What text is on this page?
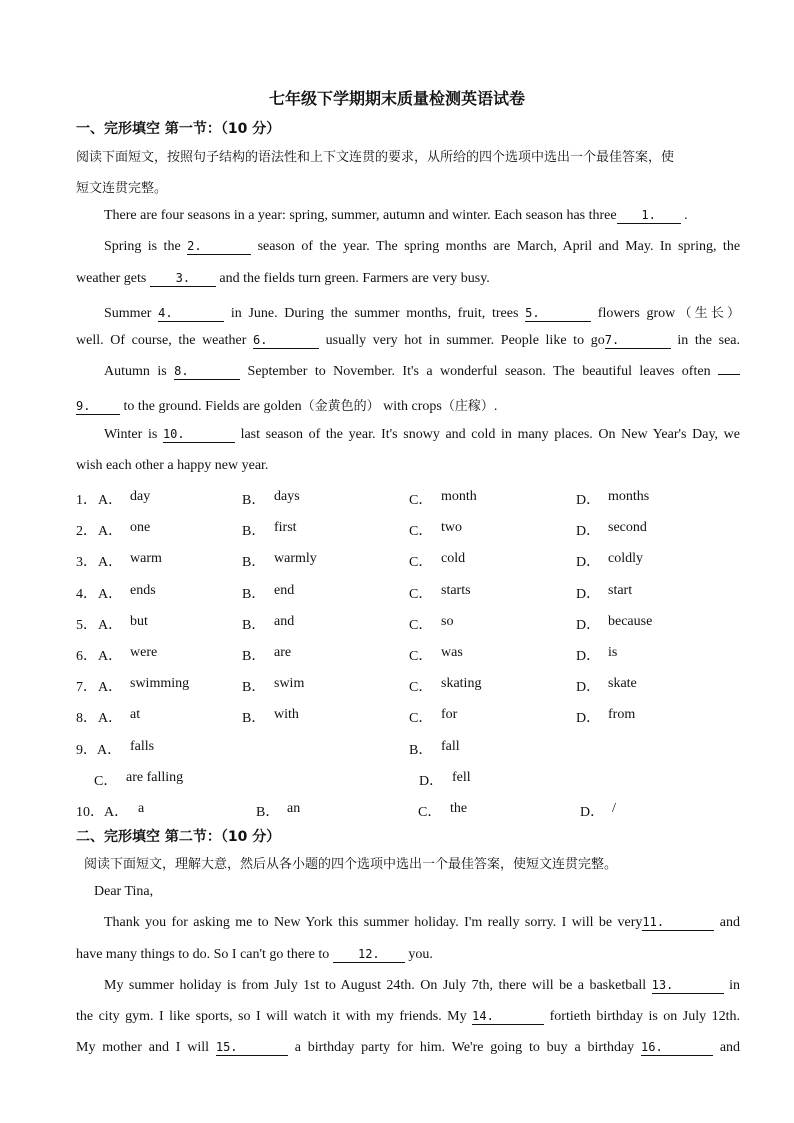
七年级下学期期末质量检测英语试卷
一、完形填空 第一节：（10 分）
阅读下面短文，按照句子结构的语法性和上下文连贯的要求，从所给的四个选项中选出一个最佳答案，使
短文连贯完整。
There are four seasons in a year: spring, summer, autumn and winter. Each season has three 1. .
Spring is the 2.	season of the year. The spring months are March, April and May. In spring, the
weather gets 3. and the fields turn green. Farmers are very busy.
Summer 4.	in June. During the summer months, fruit, trees 5.	flowers grow（生长）
well. Of course, the weather 6.	usually very hot in summer. People like to go7.	in the sea.
Autumn is 8.	September to November. It's a wonderful season. The beautiful leaves often
9. to the ground. Fields are golden（金黄色的） with crops（庄稼）.
Winter is 10.	last season of the year. It's snowy and cold in many places. On New Year's Day, we
wish each other a happy new year.
1． A． day	B． days	C． month	D． months
2． A． one	B． first	C． two	D． second
3． A． warm	B． warmly	C． cold	D． coldly
4． A． ends	B． end	C． starts	D． start
5． A． but	B． and	C． so	D． because
6． A． were	B． are	C． was	D． is
7． A． swimming	B． swim	C． skating	D． skate
8． A． at	B． with	C． for	D． from
9．A． falls	B． fall
C． are falling	D． fell
10．A． a	B． an	C． the	D． /
二、完形填空 第二节：（10 分）
阅读下面短文，理解大意，然后从各小题的四个选项中选出一个最佳答案，使短文连贯完整。
Dear Tina,
Thank you for asking me to New York this summer holiday. I'm really sorry. I will be very11.	and
have many things to do. So I can't go there to 12. you.
My summer holiday is from July 1st to August 24th. On July 7th, there will be a basketball 13.	in
the city gym. I like sports, so I will watch it with my friends. My 14.	fortieth birthday is on July 12th.
My mother and I will 15.	a birthday party for him. We're going to buy a birthday 16.	and
